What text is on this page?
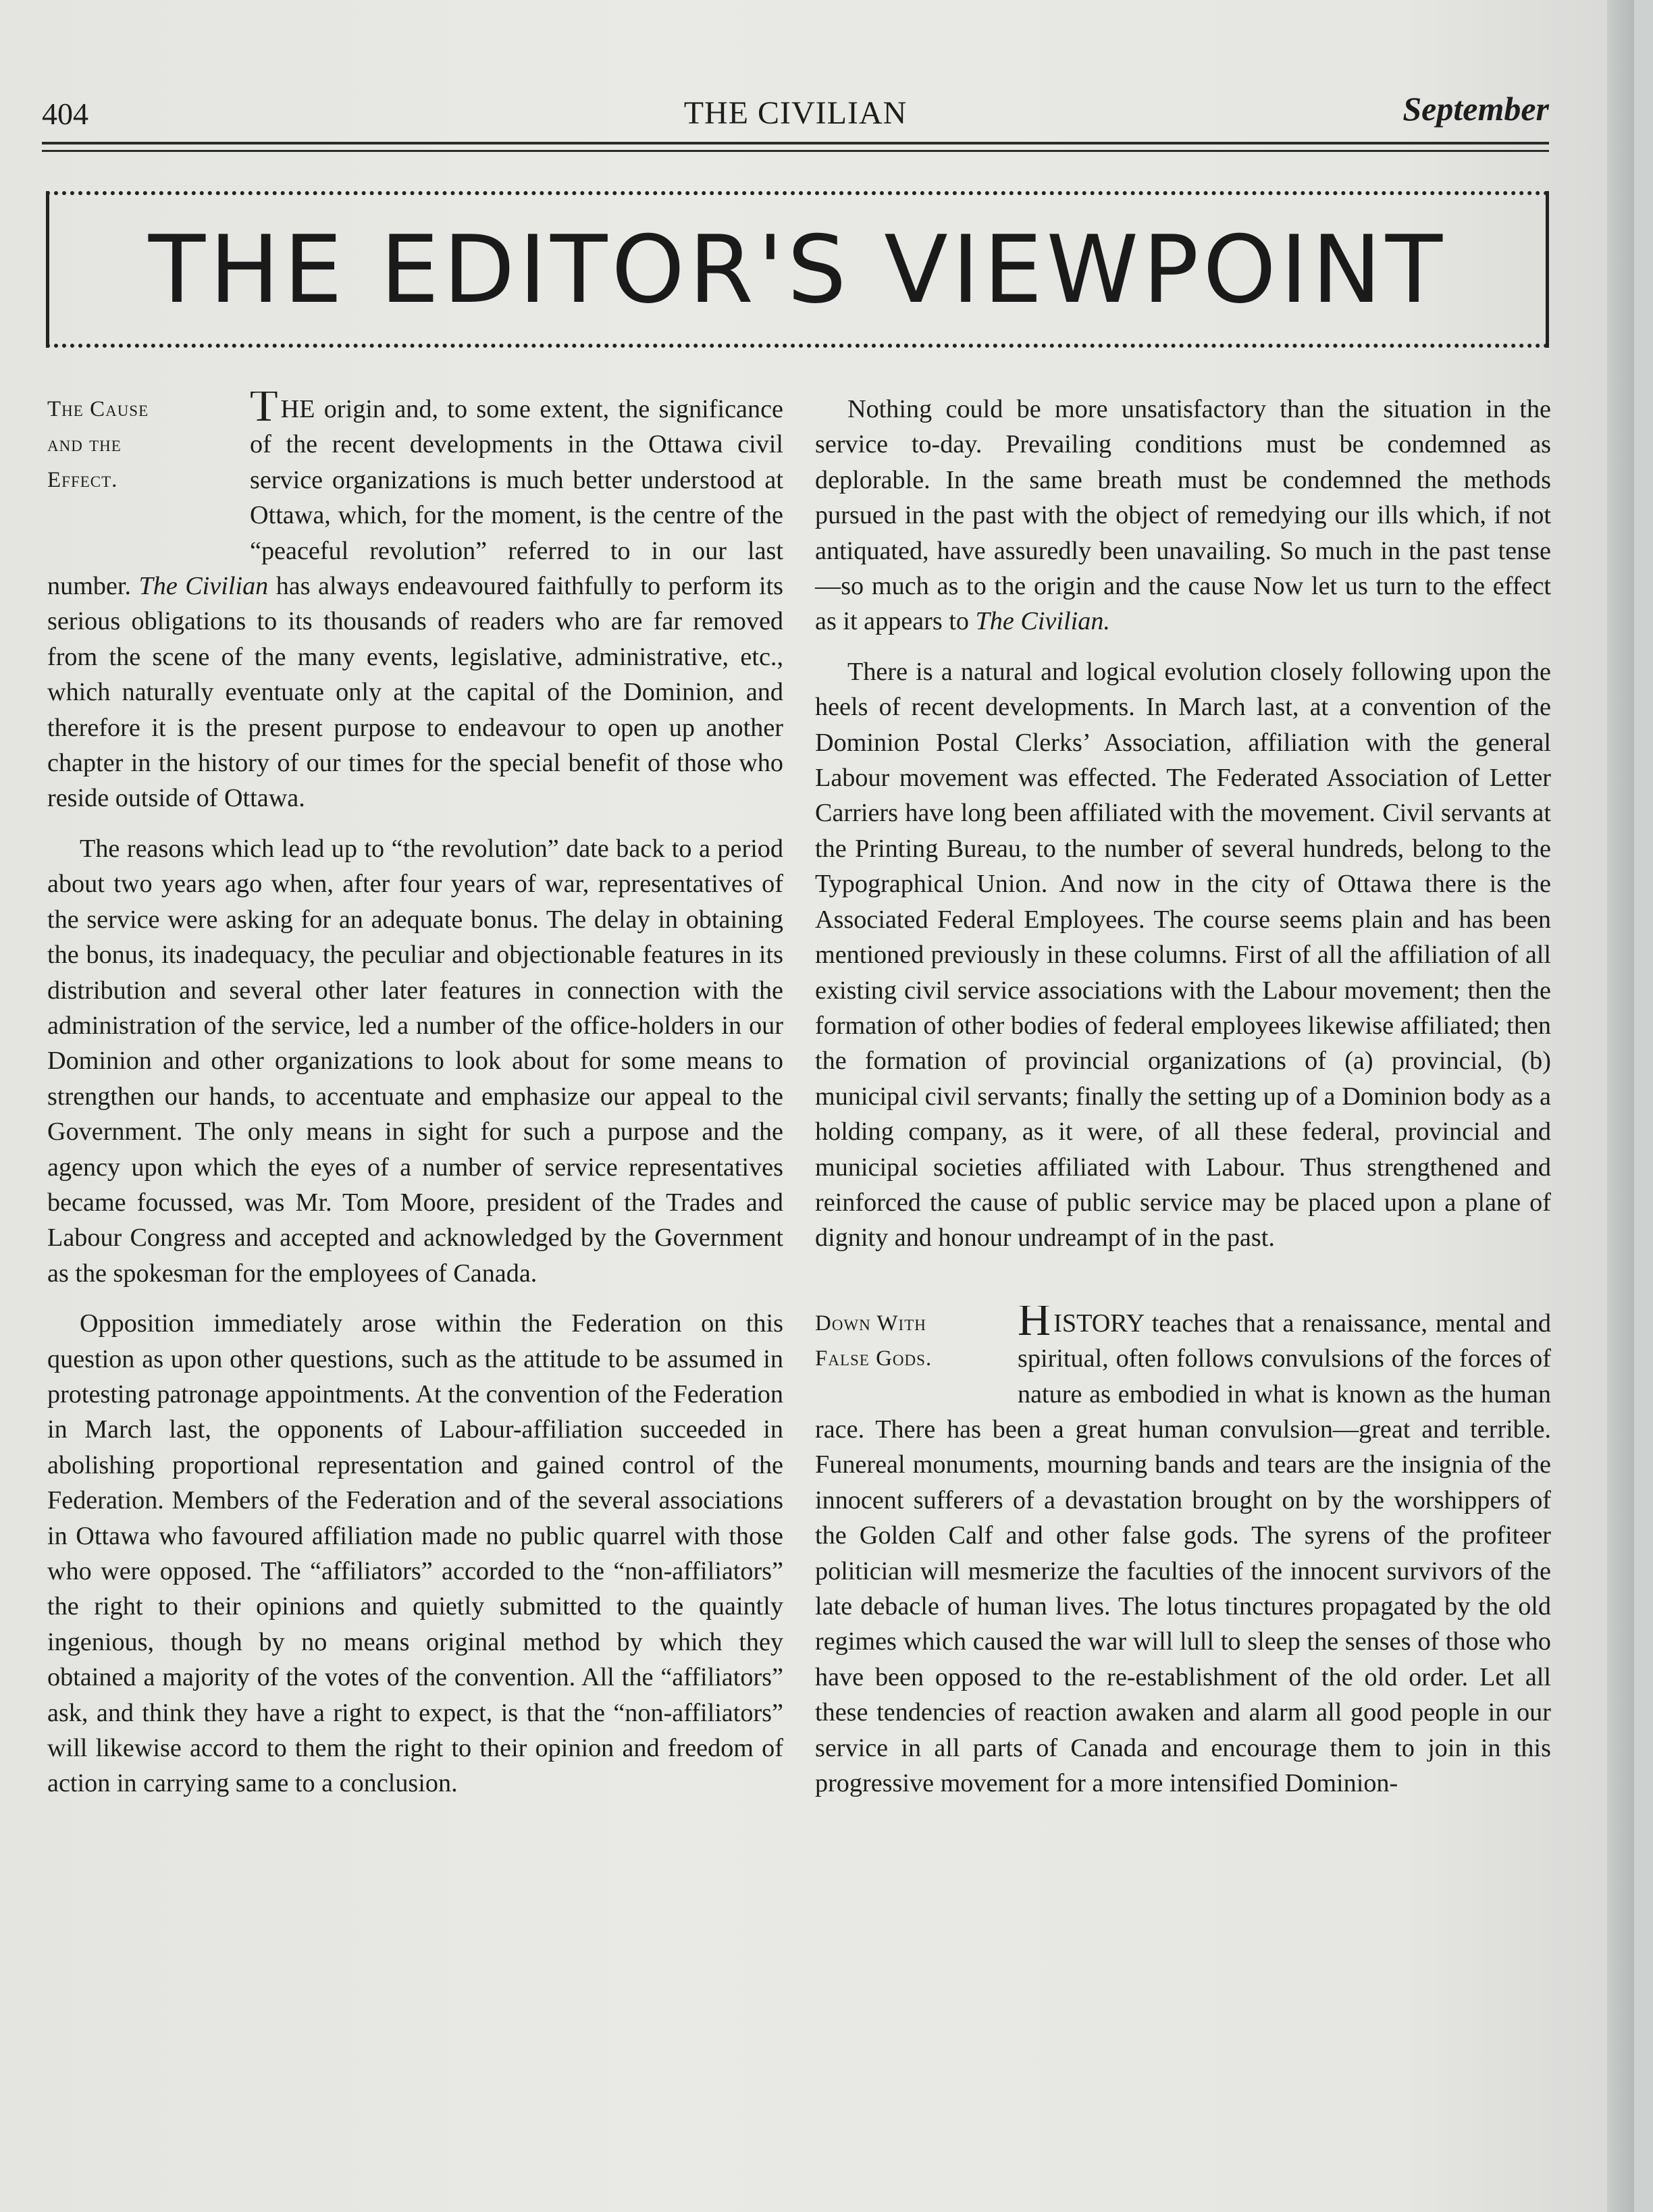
404	THE CIVILIAN	September
THE EDITOR'S VIEWPOINT
The Cause
and the
Effect.

THE origin and, to some extent, the significance of the recent developments in the Ottawa civil service organizations is much better understood at Ottawa, which, for the moment, is the centre of the “peaceful revolution” referred to in our last number. The Civilian has always endeavoured faithfully to perform its serious obligations to its thousands of readers who are far removed from the scene of the many events, legislative, administrative, etc., which naturally eventuate only at the capital of the Dominion, and therefore it is the present purpose to endeavour to open up another chapter in the history of our times for the special benefit of those who reside outside of Ottawa.

The reasons which lead up to “the revolution” date back to a period about two years ago when, after four years of war, representatives of the service were asking for an adequate bonus. The delay in obtaining the bonus, its inadequacy, the peculiar and objectionable features in its distribution and several other later features in connection with the administration of the service, led a number of the office-holders in our Dominion and other organizations to look about for some means to strengthen our hands, to accentuate and emphasize our appeal to the Government. The only means in sight for such a purpose and the agency upon which the eyes of a number of service representatives became focussed, was Mr. Tom Moore, president of the Trades and Labour Congress and accepted and acknowledged by the Government as the spokesman for the employees of Canada.

Opposition immediately arose within the Federation on this question as upon other questions, such as the attitude to be assumed in protesting patronage appointments. At the convention of the Federation in March last, the opponents of Labour-affiliation succeeded in abolishing proportional representation and gained control of the Federation. Members of the Federation and of the several associations in Ottawa who favoured affiliation made no public quarrel with those who were opposed. The “affiliators” accorded to the “non-affiliators” the right to their opinions and quietly submitted to the quaintly ingenious, though by no means original method by which they obtained a majority of the votes of the convention. All the “affiliators” ask, and think they have a right to expect, is that the “non-affiliators” will likewise accord to them the right to their opinion and freedom of action in carrying same to a conclusion.

Nothing could be more unsatisfactory than the situation in the service to-day. Prevailing conditions must be condemned as deplorable. In the same breath must be condemned the methods pursued in the past with the object of remedying our ills which, if not antiquated, have assuredly been unavailing. So much in the past tense—so much as to the origin and the cause Now let us turn to the effect as it appears to The Civilian.

There is a natural and logical evolution closely following upon the heels of recent developments. In March last, at a convention of the Dominion Postal Clerks’ Association, affiliation with the general Labour movement was effected. The Federated Association of Letter Carriers have long been affiliated with the movement. Civil servants at the Printing Bureau, to the number of several hundreds, belong to the Typographical Union. And now in the city of Ottawa there is the Associated Federal Employees. The course seems plain and has been mentioned previously in these columns. First of all the affiliation of all existing civil service associations with the Labour movement; then the formation of other bodies of federal employees likewise affiliated; then the formation of provincial organizations of (a) provincial, (b) municipal civil servants; finally the setting up of a Dominion body as a holding company, as it were, of all these federal, provincial and municipal societies affiliated with Labour. Thus strengthened and reinforced the cause of public service may be placed upon a plane of dignity and honour undreampt of in the past.

Down With
False Gods.

HISTORY teaches that a renaissance, mental and spiritual, often follows convulsions of the forces of nature as embodied in what is known as the human race. There has been a great human convulsion—great and terrible. Funereal monuments, mourning bands and tears are the insignia of the innocent sufferers of a devastation brought on by the worshippers of the Golden Calf and other false gods. The syrens of the profiteer politician will mesmerize the faculties of the innocent survivors of the late debacle of human lives. The lotus tinctures propagated by the old regimes which caused the war will lull to sleep the senses of those who have been opposed to the re-establishment of the old order. Let all these tendencies of reaction awaken and alarm all good people in our service in all parts of Canada and encourage them to join in this progressive movement for a more intensified Dominion-
